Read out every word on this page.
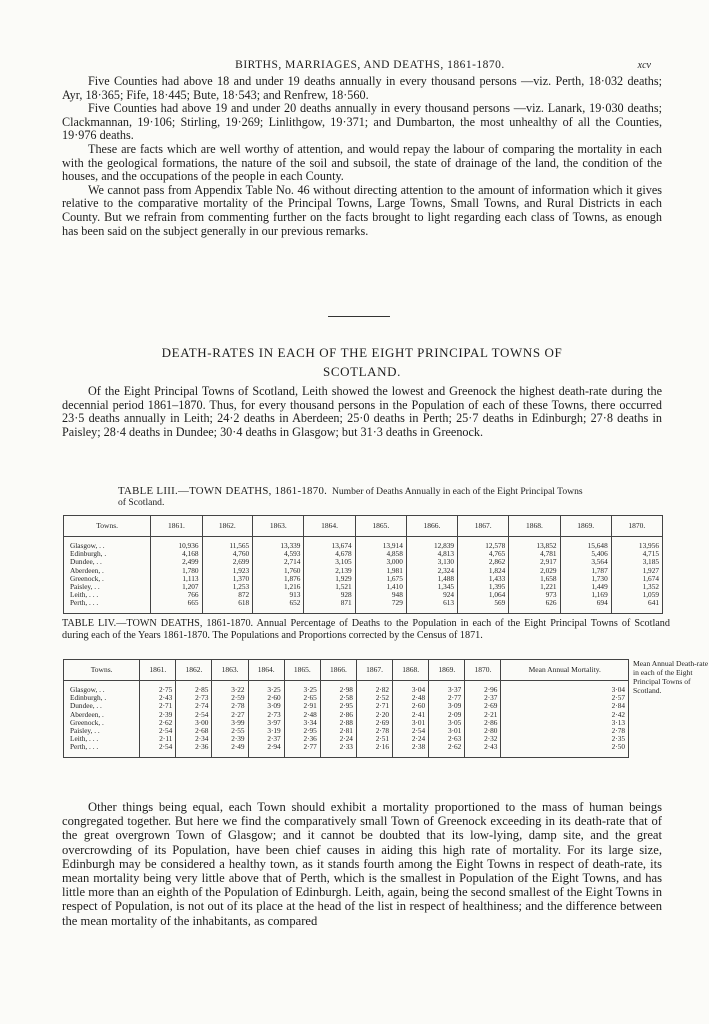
BIRTHS, MARRIAGES, AND DEATHS, 1861-1870.	xcv

Five Counties had above 18 and under 19 deaths annually in every thousand persons —viz. Perth, 18·032 deaths; Ayr, 18·365; Fife, 18·445; Bute, 18·543; and Renfrew, 18·560.

Five Counties had above 19 and under 20 deaths annually in every thousand persons —viz. Lanark, 19·030 deaths; Clackmannan, 19·106; Stirling, 19·269; Linlithgow, 19·371; and Dumbarton, the most unhealthy of all the Counties, 19·976 deaths.

These are facts which are well worthy of attention, and would repay the labour of comparing the mortality in each with the geological formations, the nature of the soil and subsoil, the state of drainage of the land, the condition of the houses, and the occupations of the people in each County.

We cannot pass from Appendix Table No. 46 without directing attention to the amount of information which it gives relative to the comparative mortality of the Principal Towns, Large Towns, Small Towns, and Rural Districts in each County. But we refrain from commenting further on the facts brought to light regarding each class of Towns, as enough has been said on the subject generally in our previous remarks.

DEATH-RATES IN EACH OF THE EIGHT PRINCIPAL TOWNS OF
SCOTLAND.

Of the Eight Principal Towns of Scotland, Leith showed the lowest and Greenock the highest death-rate during the decennial period 1861–1870. Thus, for every thousand persons in the Population of each of these Towns, there occurred 23·5 deaths annually in Leith; 24·2 deaths in Aberdeen; 25·0 deaths in Perth; 25·7 deaths in Edinburgh; 27·8 deaths in Paisley; 28·4 deaths in Dundee; 30·4 deaths in Glasgow; but 31·3 deaths in Greenock.

TABLE LIII.—TOWN DEATHS, 1861-1870. Number of Deaths Annually in each of the Eight Principal Towns of Scotland.
Towns.	1861.	1862.	1863.	1864.	1865.	1866.	1867.	1868.	1869.	1870.

Glasgow, . .	10,936	11,565	13,339	13,674	13,914	12,839	12,578	13,852	15,648	13,956
Edinburgh, .	4,168	4,760	4,593	4,678	4,858	4,813	4,765	4,781	5,406	4,715
Dundee, . .	2,499	2,699	2,714	3,105	3,000	3,130	2,862	2,917	3,564	3,185
Aberdeen, .	1,780	1,923	1,760	2,139	1,981	2,324	1,824	2,029	1,787	1,927
Greenock, .	1,113	1,370	1,876	1,929	1,675	1,488	1,433	1,658	1,730	1,674
Paisley, . .	1,207	1,253	1,216	1,521	1,410	1,345	1,395	1,221	1,449	1,352
Leith, . . .	766	872	913	928	948	924	1,064	973	1,169	1,059
Perth, . . .	665	618	652	871	729	613	569	626	694	641

TABLE LIV.—TOWN DEATHS, 1861-1870. Annual Percentage of Deaths to the Population in each of the Eight Principal Towns of Scotland during each of the Years 1861-1870. The Populations and Proportions corrected by the Census of 1871.
Towns.	1861.	1862.	1863.	1864.	1865.	1866.	1867.	1868.	1869.	1870.	Mean Annual Mortality.

Glasgow, . .	2·75	2·85	3·22	3·25	3·25	2·98	2·82	3·04	3·37	2·96	3·04
Edinburgh, .	2·43	2·73	2·59	2·60	2·65	2·58	2·52	2·48	2·77	2·37	2·57
Dundee, . .	2·71	2·74	2·78	3·09	2·91	2·95	2·71	2·60	3·09	2·69	2·84
Aberdeen, .	2·39	2·54	2·27	2·73	2·48	2·86	2·20	2·41	2·09	2·21	2·42
Greenock, .	2·62	3·00	3·99	3·97	3·34	2·88	2·69	3·01	3·05	2·86	3·13
Paisley, . .	2·54	2·68	2·55	3·19	2·95	2·81	2·78	2·54	3·01	2·80	2·78
Leith, . . .	2·11	2·34	2·39	2·37	2·36	2·24	2·51	2·24	2·63	2·32	2·35
Perth, . . .	2·54	2·36	2·49	2·94	2·77	2·33	2·16	2·38	2·62	2·43	2·50

Mean Annual Death-rate in each of the Eight Principal Towns of Scotland.

Other things being equal, each Town should exhibit a mortality proportioned to the mass of human beings congregated together. But here we find the comparatively small Town of Greenock exceeding in its death-rate that of the great overgrown Town of Glasgow; and it cannot be doubted that its low-lying, damp site, and the great overcrowding of its Population, have been chief causes in aiding this high rate of mortality. For its large size, Edinburgh may be considered a healthy town, as it stands fourth among the Eight Towns in respect of death-rate, its mean mortality being very little above that of Perth, which is the smallest in Population of the Eight Towns, and has little more than an eighth of the Population of Edinburgh. Leith, again, being the second smallest of the Eight Towns in respect of Population, is not out of its place at the head of the list in respect of healthiness; and the difference between the mean mortality of the inhabitants, as compared
